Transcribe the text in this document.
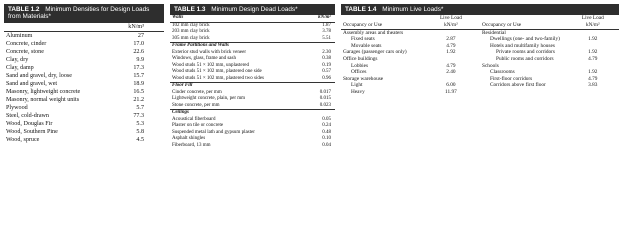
TABLE 1.2 Minimum Densities for Design Loads from Materials*
	kN/m³
Aluminum	27
Concrete, cinder	17.0
Concrete, stone	22.6
Clay, dry	9.9
Clay, damp	17.3
Sand and gravel, dry, loose	15.7
Sand and gravel, wet	18.9
Masonry, lightweight concrete	16.5
Masonry, normal weight units	21.2
Plywood	5.7
Steel, cold-drawn	77.3
Wood, Douglas Fir	5.3
Wood, Southern Pine	5.8
Wood, spruce	4.5
TABLE 1.3 Minimum Design Dead Loads*
Walls	kN/m²
102 mm clay brick	1.87
203 mm clay brick	3.78
305 mm clay brick	5.51
Frame Partitions and Walls	
Exterior stud walls with brick veneer	2.30
Windows, glass, frame and sash	0.38
Wood studs 51 × 102 mm, unplastered	0.19
Wood studs 51 × 102 mm, plastered one side	0.57
Wood studs 51 × 102 mm, plastered two sides	0.96
Floor Fill	
Cinder concrete, per mm	0.017
Lightweight concrete, plain, per mm	0.015
Stone concrete, per mm	0.023
Ceilings	
Acoustical fiberboard	0.05
Plaster on tile or concrete	0.24
Suspended metal lath and gypsum plaster	0.48
Asphalt shingles	0.10
Fiberboard, 13 mm	0.04
TABLE 1.4 Minimum Live Loads*
	Live Load
Occupancy or Use	kN/m²
Assembly areas and theaters	
Fixed seats	2.87
Movable seats	4.79
Garages (passenger cars only)	1.92
Office buildings	
Lobbies	4.79
Offices	2.40
Storage warehouse	
Light	6.00
Heavy	11.97
	Live Load
Occupancy or Use	kN/m²
Residential	
Dwellings (one- and two-family)	1.92
Hotels and multifamily houses	
Private rooms and corridors	1.92
Public rooms and corridors	4.79
Schools	
Classrooms	1.92
First-floor corridors	4.79
Corridors above first floor	3.83
